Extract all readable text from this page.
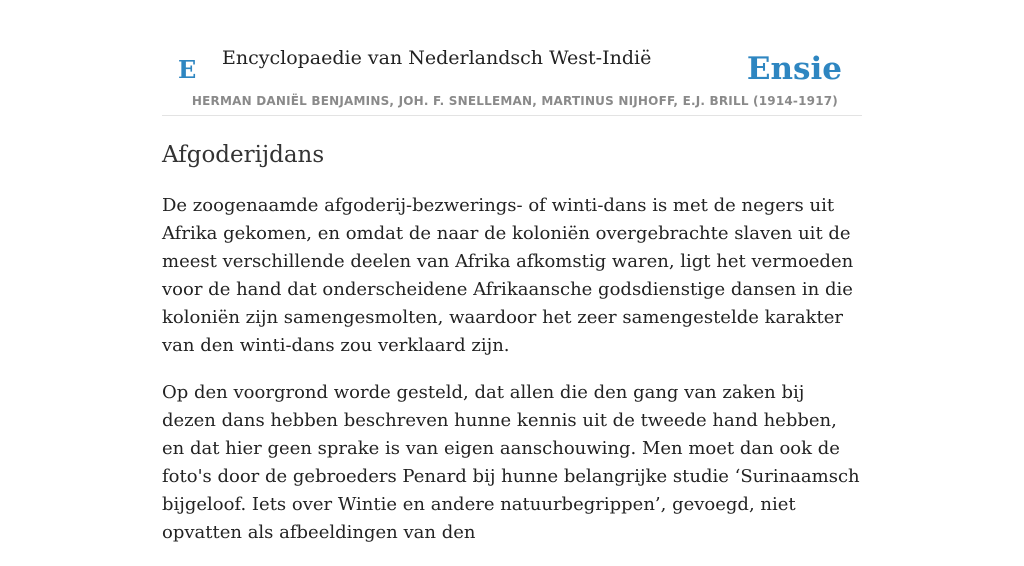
E Encyclopaedie van Nederlandsch West-Indië	Ensie
HERMAN DANIËL BENJAMINS, JOH. F. SNELLEMAN, MARTINUS NIJHOFF, E.J. BRILL (1914-1917)
Afgoderijdans

De zoogenaamde afgoderij-bezwerings- of winti-dans is met de negers uit Afrika gekomen, en omdat de naar de koloniën overgebrachte slaven uit de meest verschillende deelen van Afrika afkomstig waren, ligt het vermoeden voor de hand dat onderscheidene Afrikaansche godsdienstige dansen in die koloniën zijn samengesmolten, waardoor het zeer samengestelde karakter van den winti-dans zou verklaard zijn.

Op den voorgrond worde gesteld, dat allen die den gang van zaken bij dezen dans hebben beschreven hunne kennis uit de tweede hand hebben, en dat hier geen sprake is van eigen aanschouwing. Men moet dan ook de foto's door de gebroeders Penard bij hunne belangrijke studie ‘Surinaamsch bijgeloof. Iets over Wintie en andere natuurbegrippen’, gevoegd, niet opvatten als afbeeldingen van den
